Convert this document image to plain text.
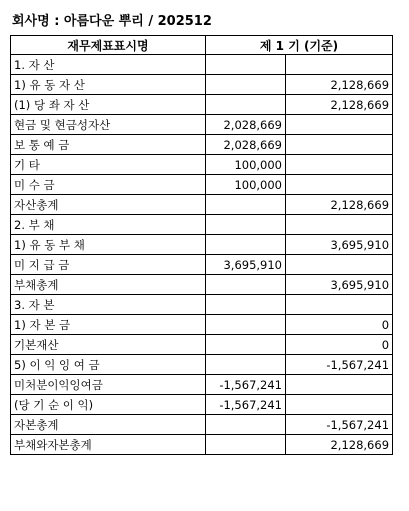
회사명 : 아름다운 뿌리 / 202512
재무제표표시명	제 1 기 (기준)	
1. 자 산		
1) 유 동 자 산		2,128,669
(1) 당 좌 자 산		2,128,669
현금 및 현금성자산	2,028,669	
보 통 예 금	2,028,669	
기 타	100,000	
미 수 금	100,000	
자산총계		2,128,669
2. 부 채		
1) 유 동 부 채		3,695,910
미 지 급 금	3,695,910	
부채총계		3,695,910
3. 자 본		
1) 자 본 금		0
기본재산		0
5) 이 익 잉 여 금		-1,567,241
미처분이익잉여금	-1,567,241	
(당 기 순 이 익)	-1,567,241	
자본총계		-1,567,241
부채와자본총계		2,128,669
